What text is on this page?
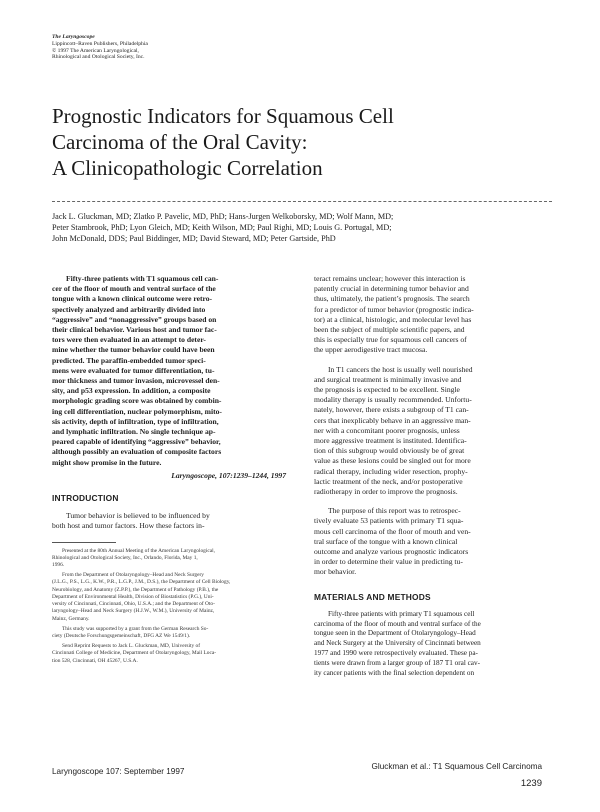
The Laryngoscope
Lippincott–Raven Publishers, Philadelphia
© 1997 The American Laryngological,
Rhinological and Otological Society, Inc.
Prognostic Indicators for Squamous Cell
Carcinoma of the Oral Cavity:
A Clinicopathologic Correlation
Jack L. Gluckman, MD; Zlatko P. Pavelic, MD, PhD; Hans-Jurgen Welkoborsky, MD; Wolf Mann, MD;
Peter Stambrook, PhD; Lyon Gleich, MD; Keith Wilson, MD; Paul Righi, MD; Louis G. Portugal, MD;
John McDonald, DDS; Paul Biddinger, MD; David Steward, MD; Peter Gartside, PhD
Fifty-three patients with T1 squamous cell can-
cer of the floor of mouth and ventral surface of the
tongue with a known clinical outcome were retro-
spectively analyzed and arbitrarily divided into
“aggressive” and “nonaggressive” groups based on
their clinical behavior. Various host and tumor fac-
tors were then evaluated in an attempt to deter-
mine whether the tumor behavior could have been
predicted. The paraffin-embedded tumor speci-
mens were evaluated for tumor differentiation, tu-
mor thickness and tumor invasion, microvessel den-
sity, and p53 expression. In addition, a composite
morphologic grading score was obtained by combin-
ing cell differentiation, nuclear polymorphism, mito-
sis activity, depth of infiltration, type of infiltration,
and lymphatic infiltration. No single technique ap-
peared capable of identifying “aggressive” behavior,
although possibly an evaluation of composite factors
might show promise in the future.
Laryngoscope, 107:1239–1244, 1997
INTRODUCTION
Tumor behavior is believed to be influenced by
both host and tumor factors. How these factors in-
Presented at the 80th Annual Meeting of the American Laryngological,
Rhinological and Otological Society, Inc., Orlando, Florida, May 1,
1996.
From the Department of Otolaryngology–Head and Neck Surgery
(J.L.G., P.S., L.G., K.W., P.R., L.G.P., J.M., D.S.), the Department of Cell Biology,
Neurobiology, and Anatomy (Z.P.P.), the Department of Pathology (P.B.), the
Department of Environmental Health, Division of Biostatistics (P.G.), Uni-
versity of Cincinnati, Cincinnati, Ohio, U.S.A.; and the Department of Oto-
laryngology–Head and Neck Surgery (H.J.W., W.M.), University of Mainz,
Mainz, Germany.
This study was supported by a grant from the German Research So-
ciety (Deutsche Forschungsgemeinschaft, DFG AZ We 1549/1).
Send Reprint Requests to Jack L. Gluckman, MD, University of
Cincinnati College of Medicine, Department of Otolaryngology, Mail Loca-
tion 528, Cincinnati, OH 45267, U.S.A.
teract remains unclear; however this interaction is
patently crucial in determining tumor behavior and
thus, ultimately, the patient’s prognosis. The search
for a predictor of tumor behavior (prognostic indica-
tor) at a clinical, histologic, and molecular level has
been the subject of multiple scientific papers, and
this is especially true for squamous cell cancers of
the upper aerodigestive tract mucosa.
In T1 cancers the host is usually well nourished
and surgical treatment is minimally invasive and
the prognosis is expected to be excellent. Single
modality therapy is usually recommended. Unfortu-
nately, however, there exists a subgroup of T1 can-
cers that inexplicably behave in an aggressive man-
ner with a concomitant poorer prognosis, unless
more aggressive treatment is instituted. Identifica-
tion of this subgroup would obviously be of great
value as these lesions could be singled out for more
radical therapy, including wider resection, prophy-
lactic treatment of the neck, and/or postoperative
radiotherapy in order to improve the prognosis.
The purpose of this report was to retrospec-
tively evaluate 53 patients with primary T1 squa-
mous cell carcinoma of the floor of mouth and ven-
tral surface of the tongue with a known clinical
outcome and analyze various prognostic indicators
in order to determine their value in predicting tu-
mor behavior.
MATERIALS AND METHODS
Fifty-three patients with primary T1 squamous cell
carcinoma of the floor of mouth and ventral surface of the
tongue seen in the Department of Otolaryngology–Head
and Neck Surgery at the University of Cincinnati between
1977 and 1990 were retrospectively evaluated. These pa-
tients were drawn from a larger group of 187 T1 oral cav-
ity cancer patients with the final selection dependent on
Laryngoscope 107: September 1997
Gluckman et al.: T1 Squamous Cell Carcinoma
1239
